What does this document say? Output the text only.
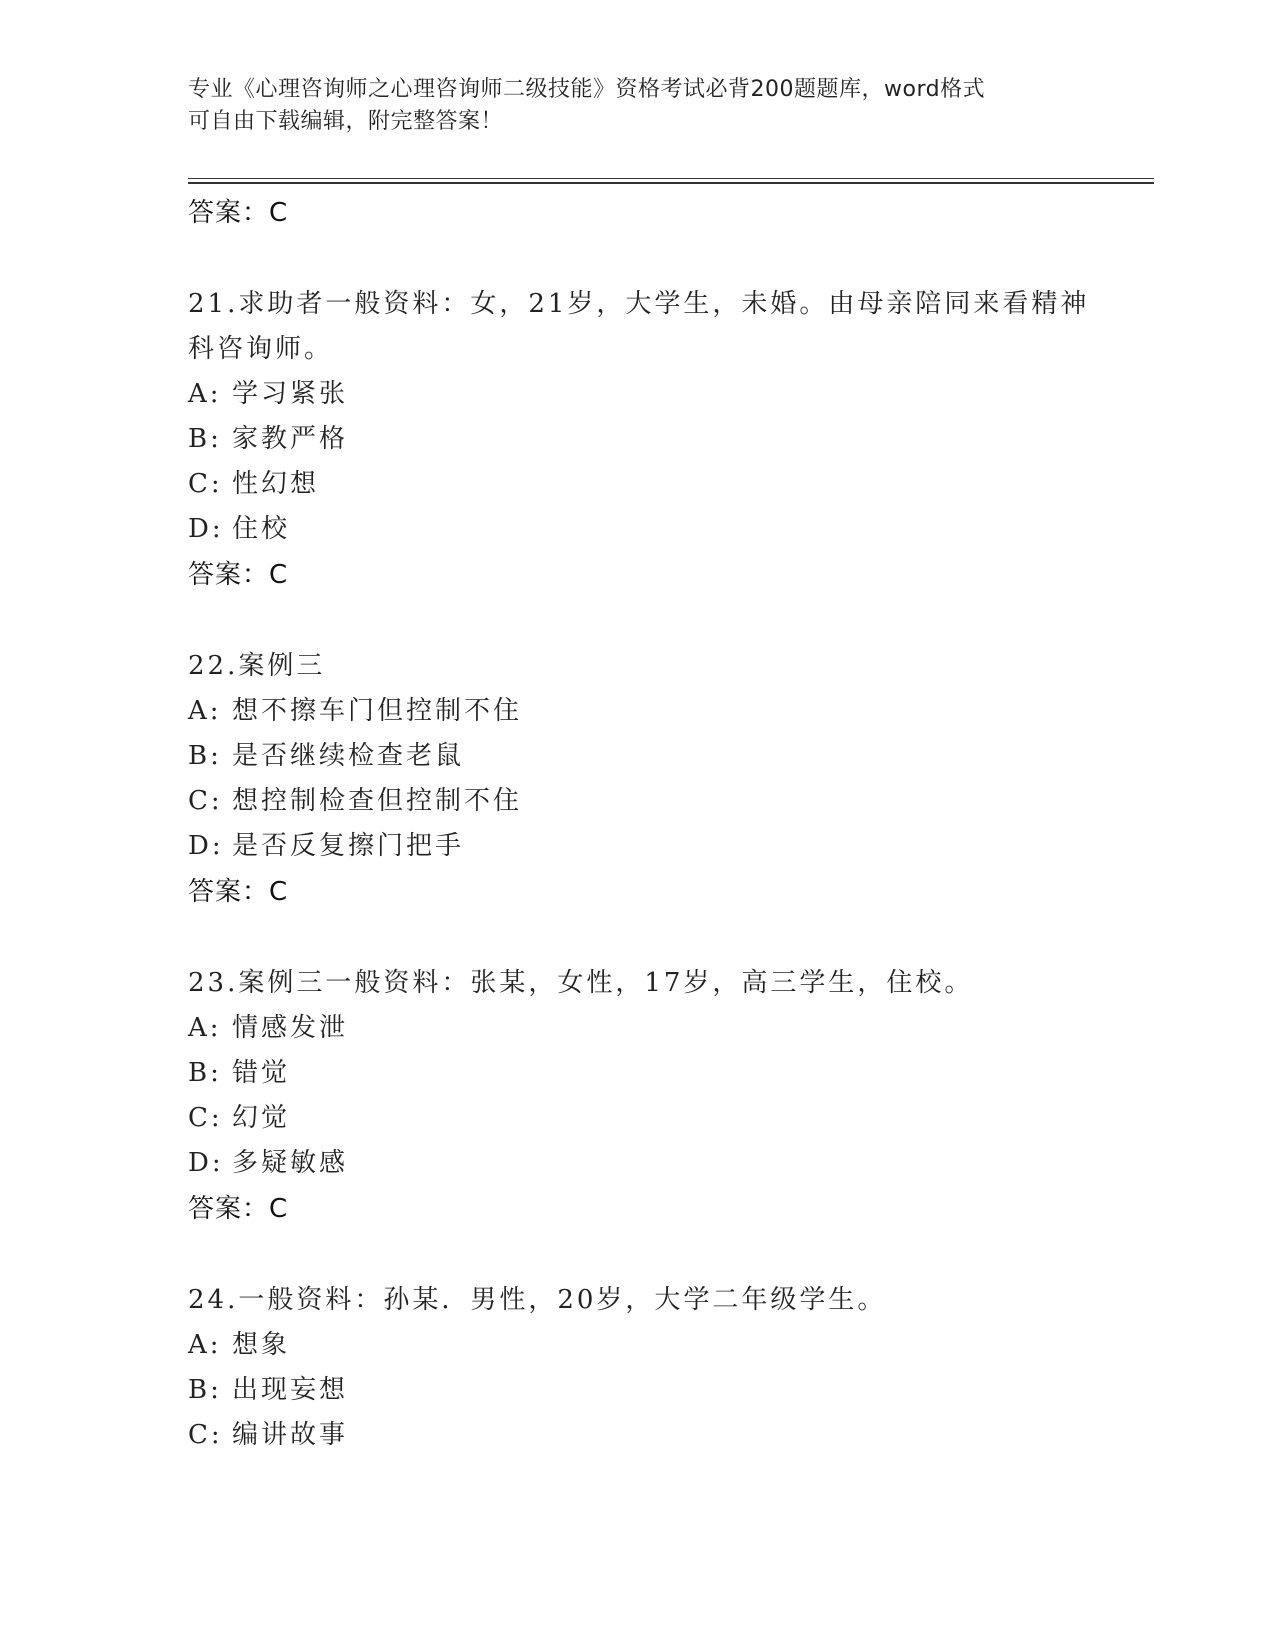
专业《心理咨询师之心理咨询师二级技能》资格考试必背200题题库，word格式
可自由下载编辑，附完整答案！
答案：C
21.求助者一般资料：女，21岁，大学生，未婚。由母亲陪同来看精神
科咨询师。
A: 学习紧张
B: 家教严格
C: 性幻想
D: 住校
答案：C
22.案例三
A: 想不擦车门但控制不住
B: 是否继续检查老鼠
C: 想控制检查但控制不住
D: 是否反复擦门把手
答案：C
23.案例三一般资料：张某，女性，17岁，高三学生，住校。
A: 情感发泄
B: 错觉
C: 幻觉
D: 多疑敏感
答案：C
24.一般资料：孙某．男性，20岁，大学二年级学生。
A: 想象
B: 出现妄想
C: 编讲故事
